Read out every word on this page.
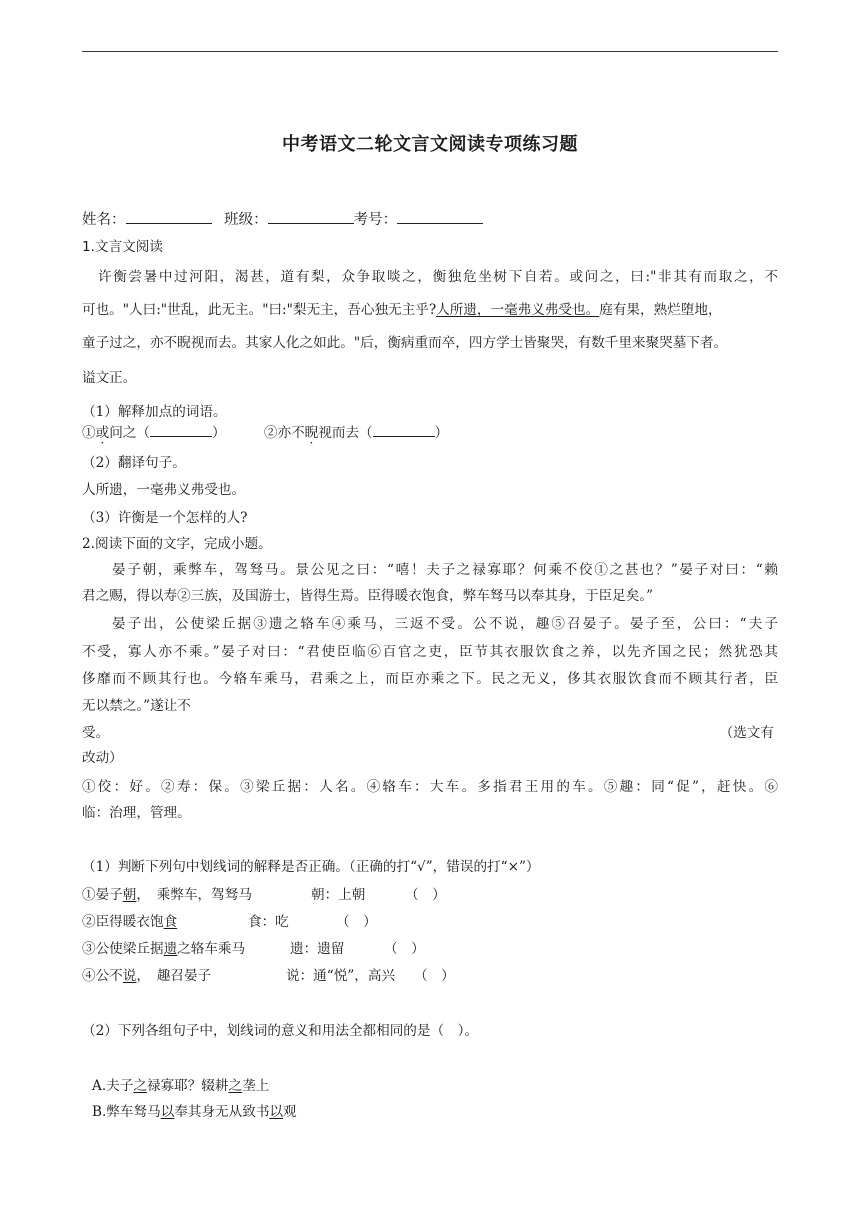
中考语文二轮文言文阅读专项练习题
姓名：	班级：	考号：
1.文言文阅读
许衡尝暑中过河阳，渴甚，道有梨，众争取啖之，衡独危坐树下自若。或问之，曰:"非其有而取之，不
可也。"人曰:"世乱，此无主。"曰:"梨无主，吾心独无主乎?人所遗，一毫弗义弗受也。庭有果，熟烂堕地，
童子过之，亦不睨视而去。其家人化之如此。"后，衡病重而卒，四方学士皆聚哭，有数千里来聚哭墓下者。
谥文正。
（1）解释加点的词语。
①或问之（	）	②亦不睨视而去（	）
（2）翻译句子。
人所遗，一毫弗义弗受也。
（3）许衡是一个怎样的人?
2.阅读下面的文字，完成小题。
晏子朝，乘弊车，驾驽马。景公见之曰：“嘻！夫子之禄寡耶？何乘不佼①之甚也？”晏子对曰：“赖
君之赐，得以寿②三族，及国游士，皆得生焉。臣得暖衣饱食，弊车驽马以奉其身，于臣足矣。”
晏子出，公使梁丘据③遗之辂车④乘马，三返不受。公不说，趣⑤召晏子。晏子至，公曰：“夫子
不受，寡人亦不乘。”晏子对曰：“君使臣临⑥百官之吏，臣节其衣服饮食之养，以先齐国之民；然犹恐其
侈靡而不顾其行也。今辂车乘马，君乘之上，而臣亦乘之下。民之无义，侈其衣服饮食而不顾其行者，臣
无以禁之。”遂让不
受。	（选文有
改动）
①佼：好。②寿：保。③梁丘据：人名。④辂车：大车。多指君王用的车。⑤趣：同“促”，赶快。⑥
临：治理，管理。
（1）判断下列句中划线词的解释是否正确。（正确的打“√”，错误的打“×”）
①晏子朝，　乘弊车，驾驽马	朝：上朝	（　）
②臣得暖衣饱食	食：吃	（　）
③公使梁丘据遗之辂车乘马	遗：遗留	（　）
④公不说，　趣召晏子	说：通“悦”，高兴 （　）
（2）下列各组句子中，划线词的意义和用法全都相同的是（　）。
A.夫子之禄寡耶？辍耕之垄上
B.弊车驽马以奉其身无从致书以观
